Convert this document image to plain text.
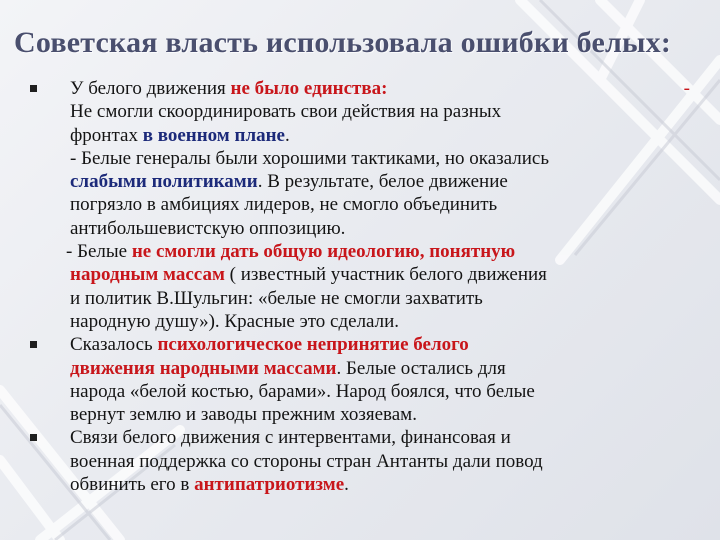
Советская власть использовала ошибки белых:
У белого движения не было единства:	-
Не смогли скоординировать свои действия на разных
фронтах в военном плане.
- Белые генералы были хорошими тактиками, но оказались
слабыми политиками. В результате, белое движение
погрязло в амбициях лидеров, не смогло объединить
антибольшевистскую оппозицию.
- Белые не смогли дать общую идеологию, понятную
народным массам ( известный участник белого движения
и политик В.Шульгин: «белые не смогли захватить
народную душу»). Красные это сделали.
Сказалось психологическое непринятие белого
движения народными массами. Белые остались для
народа «белой костью, барами». Народ боялся, что белые
вернут землю и заводы прежним хозяевам.
Связи белого движения с интервентами, финансовая и
военная поддержка со стороны стран Антанты дали повод
обвинить его в антипатриотизме.
